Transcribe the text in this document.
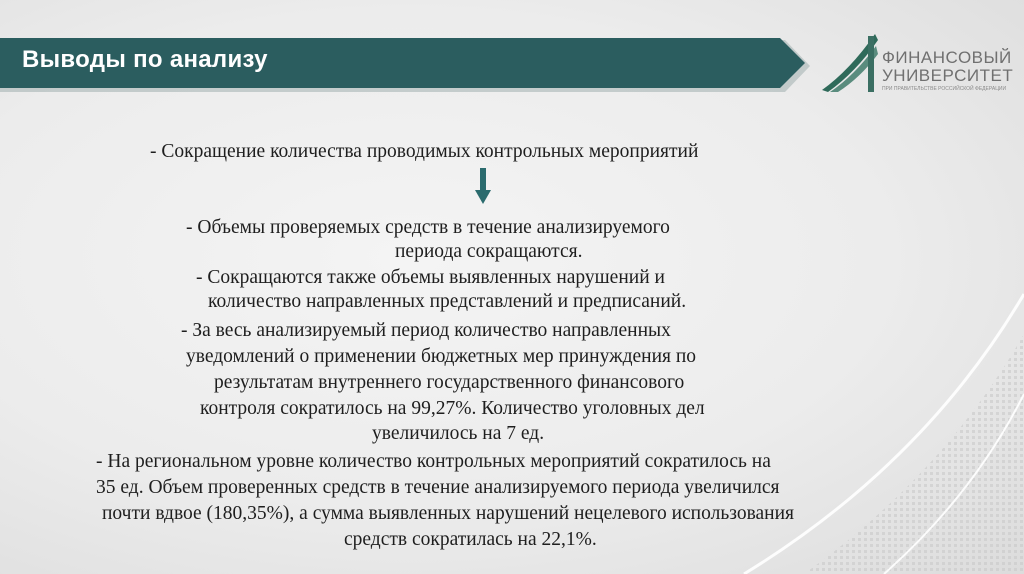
Выводы по анализу	ФИНАНСОВЫЙ
УНИВЕРСИТЕТ
ПРИ ПРАВИТЕЛЬСТВЕ РОССИЙСКОЙ ФЕДЕРАЦИИ
- Сокращение количества проводимых контрольных мероприятий
- Объемы проверяемых средств в течение анализируемого
периода сокращаются.
- Сокращаются также объемы выявленных нарушений и
количество направленных представлений и предписаний.
- За весь анализируемый период количество направленных
уведомлений о применении бюджетных мер принуждения по
результатам внутреннего государственного финансового
контроля сократилось на 99,27%. Количество уголовных дел
увеличилось на 7 ед.
- На региональном уровне количество контрольных мероприятий сократилось на
35 ед. Объем проверенных средств в течение анализируемого периода увеличился
почти вдвое (180,35%), а сумма выявленных нарушений нецелевого использования
средств сократилась на 22,1%.
